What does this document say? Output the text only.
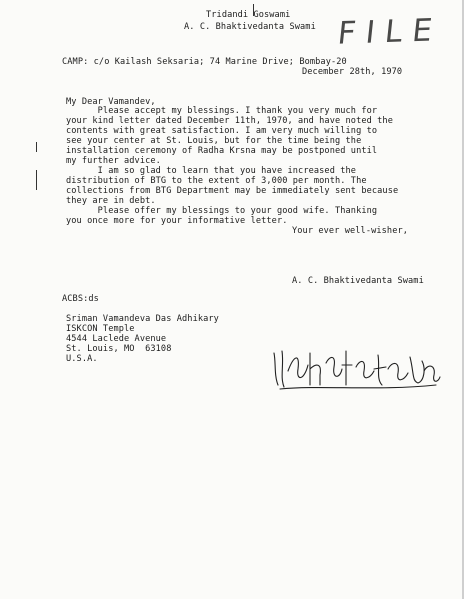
Tridandi Goswami
A. C. Bhaktivedanta Swami FILE
CAMP: c/o Kailash Seksaria; 74 Marine Drive; Bombay-20
December 28th, 1970
My Dear Vamandev,
Please accept my blessings. I thank you very much for
your kind letter dated December 11th, 1970, and have noted the
contents with great satisfaction. I am very much willing to
see your center at St. Louis, but for the time being the
installation ceremony of Radha Krsna may be postponed until
my further advice.
I am so glad to learn that you have increased the
distribution of BTG to the extent of 3,000 per month. The
collections from BTG Department may be immediately sent because
they are in debt.
Please offer my blessings to your good wife. Thanking
you once more for your informative letter.
Your ever well-wisher,
A. C. Bhaktivedanta Swami
ACBS:ds
Sriman Vamandeva Das Adhikary
ISKCON Temple
4544 Laclede Avenue
St. Louis, MO  63108
U.S.A.
